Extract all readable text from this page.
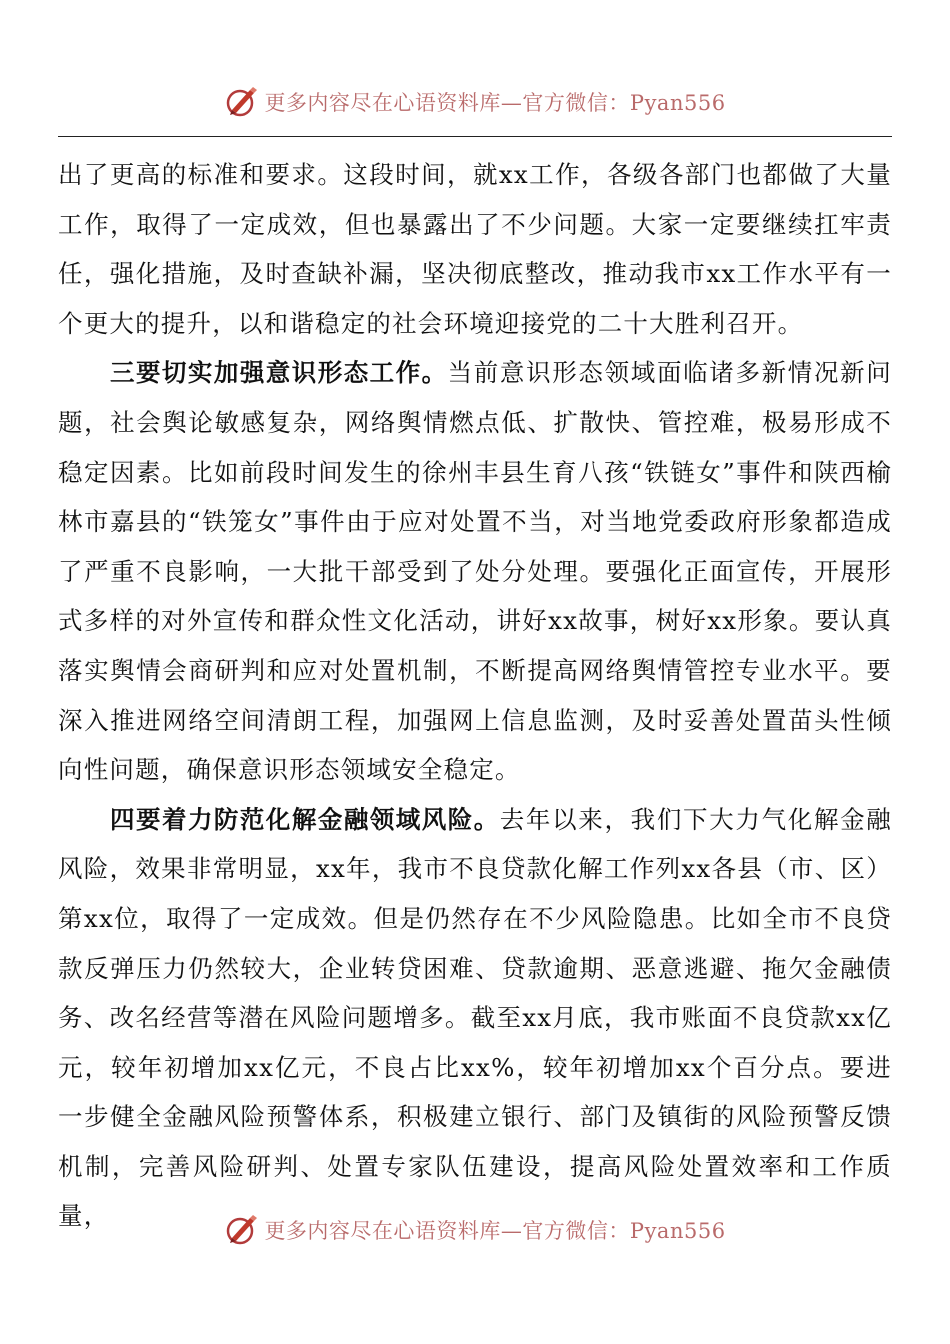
更多内容尽在心语资料库—官方微信：Pyan556

出了更高的标准和要求。这段时间，就xx工作，各级各部门也都做了大量工作，取得了一定成效，但也暴露出了不少问题。大家一定要继续扛牢责任，强化措施，及时查缺补漏，坚决彻底整改，推动我市xx工作水平有一个更大的提升，以和谐稳定的社会环境迎接党的二十大胜利召开。

三要切实加强意识形态工作。当前意识形态领域面临诸多新情况新问题，社会舆论敏感复杂，网络舆情燃点低、扩散快、管控难，极易形成不稳定因素。比如前段时间发生的徐州丰县生育八孩“铁链女”事件和陕西榆林市嘉县的“铁笼女”事件由于应对处置不当，对当地党委政府形象都造成了严重不良影响，一大批干部受到了处分处理。要强化正面宣传，开展形式多样的对外宣传和群众性文化活动，讲好xx故事，树好xx形象。要认真落实舆情会商研判和应对处置机制，不断提高网络舆情管控专业水平。要深入推进网络空间清朗工程，加强网上信息监测，及时妥善处置苗头性倾向性问题，确保意识形态领域安全稳定。

四要着力防范化解金融领域风险。去年以来，我们下大力气化解金融风险，效果非常明显，xx年，我市不良贷款化解工作列xx各县（市、区）第xx位，取得了一定成效。但是仍然存在不少风险隐患。比如全市不良贷款反弹压力仍然较大，企业转贷困难、贷款逾期、恶意逃避、拖欠金融债务、改名经营等潜在风险问题增多。截至xx月底，我市账面不良贷款xx亿元，较年初增加xx亿元，不良占比xx%，较年初增加xx个百分点。要进一步健全金融风险预警体系，积极建立银行、部门及镇街的风险预警反馈机制，完善风险研判、处置专家队伍建设，提高风险处置效率和工作质量，

更多内容尽在心语资料库—官方微信：Pyan556
